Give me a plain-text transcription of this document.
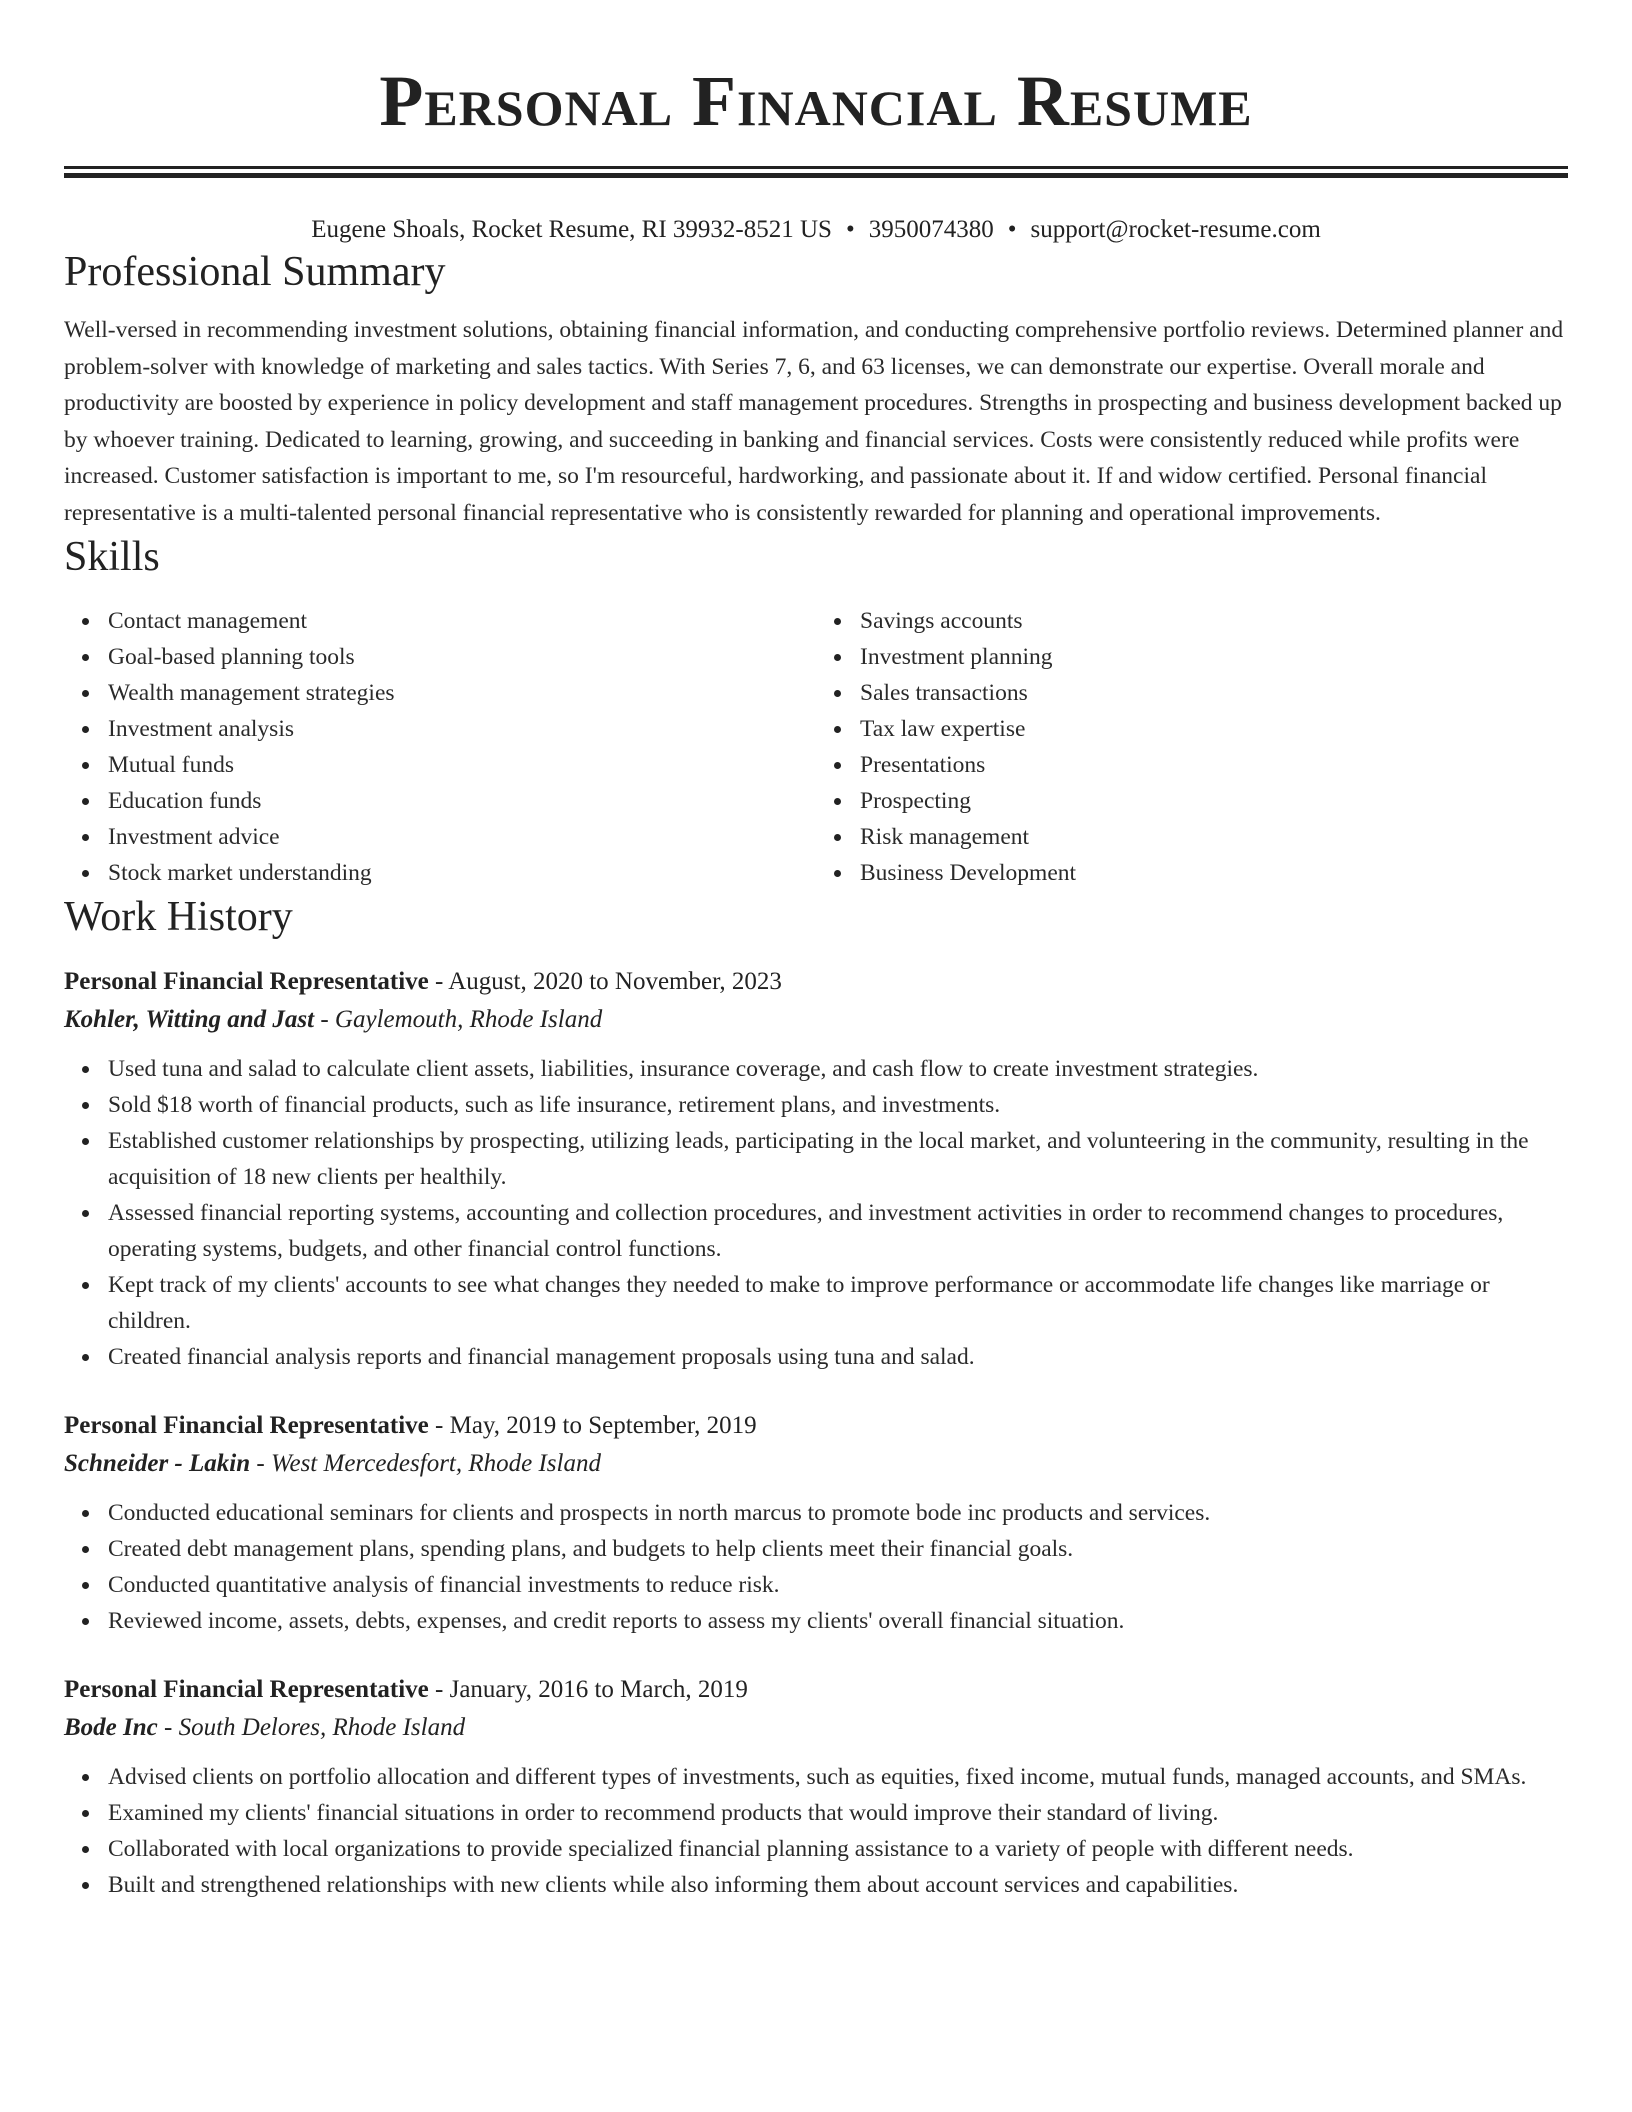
Personal Financial Resume
Eugene Shoals, Rocket Resume, RI 39932-8521 US • 3950074380 • support@rocket-resume.com
Professional Summary
Well-versed in recommending investment solutions, obtaining financial information, and conducting comprehensive portfolio reviews. Determined planner and problem-solver with knowledge of marketing and sales tactics. With Series 7, 6, and 63 licenses, we can demonstrate our expertise. Overall morale and productivity are boosted by experience in policy development and staff management procedures. Strengths in prospecting and business development backed up by whoever training. Dedicated to learning, growing, and succeeding in banking and financial services. Costs were consistently reduced while profits were increased. Customer satisfaction is important to me, so I'm resourceful, hardworking, and passionate about it. If and widow certified. Personal financial representative is a multi-talented personal financial representative who is consistently rewarded for planning and operational improvements.
Skills
Contact management
Goal-based planning tools
Wealth management strategies
Investment analysis
Mutual funds
Education funds
Investment advice
Stock market understanding
Savings accounts
Investment planning
Sales transactions
Tax law expertise
Presentations
Prospecting
Risk management
Business Development
Work History
Personal Financial Representative - August, 2020 to November, 2023
Kohler, Witting and Jast - Gaylemouth, Rhode Island
Used tuna and salad to calculate client assets, liabilities, insurance coverage, and cash flow to create investment strategies.
Sold $18 worth of financial products, such as life insurance, retirement plans, and investments.
Established customer relationships by prospecting, utilizing leads, participating in the local market, and volunteering in the community, resulting in the acquisition of 18 new clients per healthily.
Assessed financial reporting systems, accounting and collection procedures, and investment activities in order to recommend changes to procedures, operating systems, budgets, and other financial control functions.
Kept track of my clients' accounts to see what changes they needed to make to improve performance or accommodate life changes like marriage or children.
Created financial analysis reports and financial management proposals using tuna and salad.
Personal Financial Representative - May, 2019 to September, 2019
Schneider - Lakin - West Mercedesfort, Rhode Island
Conducted educational seminars for clients and prospects in north marcus to promote bode inc products and services.
Created debt management plans, spending plans, and budgets to help clients meet their financial goals.
Conducted quantitative analysis of financial investments to reduce risk.
Reviewed income, assets, debts, expenses, and credit reports to assess my clients' overall financial situation.
Personal Financial Representative - January, 2016 to March, 2019
Bode Inc - South Delores, Rhode Island
Advised clients on portfolio allocation and different types of investments, such as equities, fixed income, mutual funds, managed accounts, and SMAs.
Examined my clients' financial situations in order to recommend products that would improve their standard of living.
Collaborated with local organizations to provide specialized financial planning assistance to a variety of people with different needs.
Built and strengthened relationships with new clients while also informing them about account services and capabilities.
